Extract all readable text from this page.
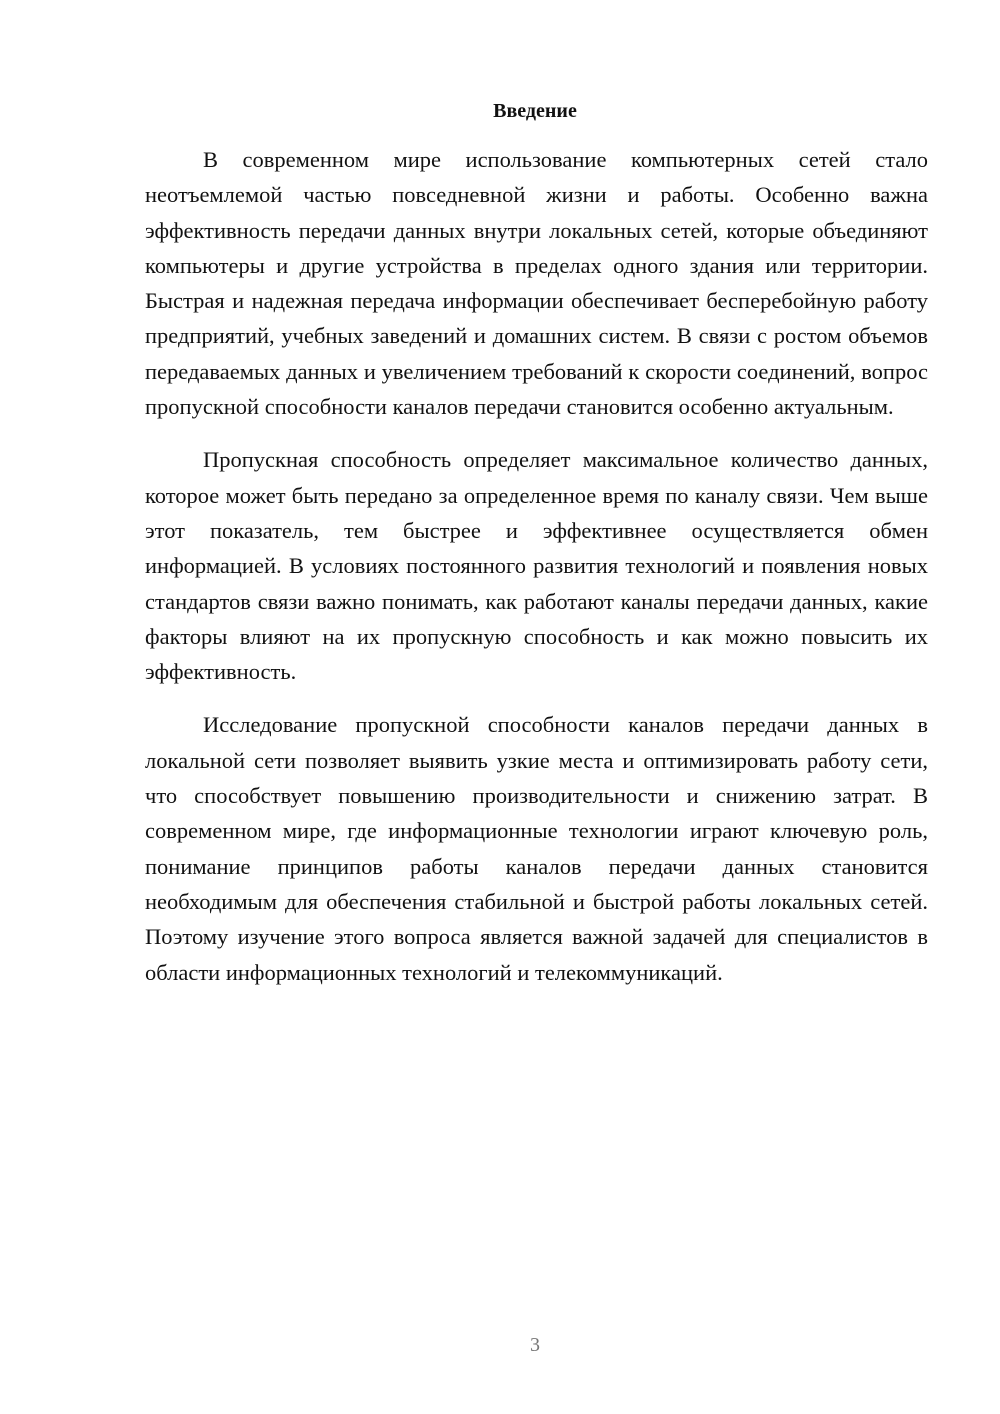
Введение

В современном мире использование компьютерных сетей стало неотъемлемой частью повседневной жизни и работы. Особенно важна эффективность передачи данных внутри локальных сетей, которые объединяют компьютеры и другие устройства в пределах одного здания или территории. Быстрая и надежная передача информации обеспечивает бесперебойную работу предприятий, учебных заведений и домашних систем. В связи с ростом объемов передаваемых данных и увеличением требований к скорости соединений, вопрос пропускной способности каналов передачи становится особенно актуальным.

Пропускная способность определяет максимальное количество данных, которое может быть передано за определенное время по каналу связи. Чем выше этот показатель, тем быстрее и эффективнее осуществляется обмен информацией. В условиях постоянного развития технологий и появления новых стандартов связи важно понимать, как работают каналы передачи данных, какие факторы влияют на их пропускную способность и как можно повысить их эффективность.

Исследование пропускной способности каналов передачи данных в локальной сети позволяет выявить узкие места и оптимизировать работу сети, что способствует повышению производительности и снижению затрат. В современном мире, где информационные технологии играют ключевую роль, понимание принципов работы каналов передачи данных становится необходимым для обеспечения стабильной и быстрой работы локальных сетей. Поэтому изучение этого вопроса является важной задачей для специалистов в области информационных технологий и телекоммуникаций.

3
